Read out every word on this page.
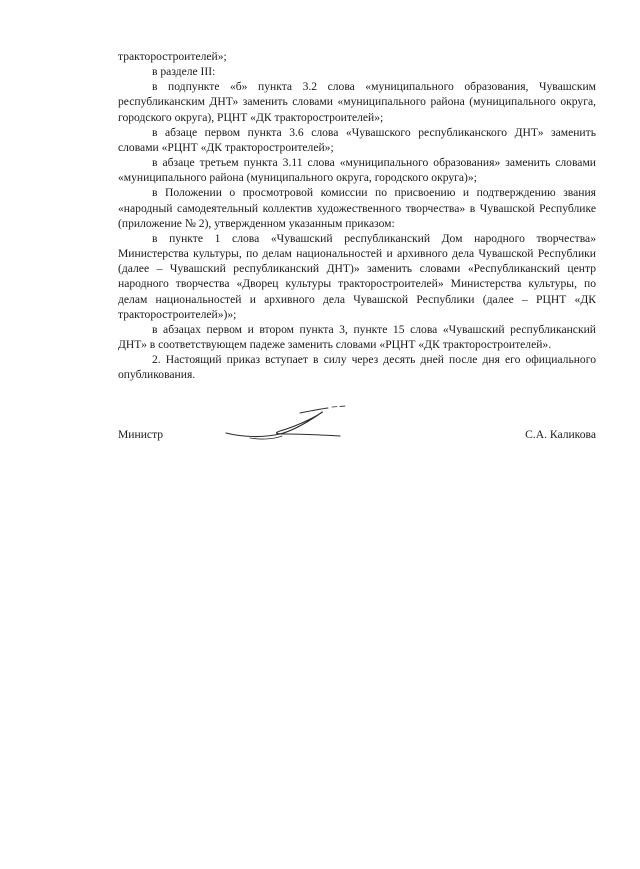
тракторостроителей»;

в разделе III:

в подпункте «б» пункта 3.2 слова «муниципального образования, Чувашским республиканским ДНТ» заменить словами «муниципального района (муниципального округа, городского округа), РЦНТ «ДК тракторостроителей»;

в абзаце первом пункта 3.6 слова «Чувашского республиканского ДНТ» заменить словами «РЦНТ «ДК тракторостроителей»;

в абзаце третьем пункта 3.11 слова «муниципального образования» заменить словами «муниципального района (муниципального округа, городского округа)»;

в Положении о просмотровой комиссии по присвоению и подтверждению звания «народный самодеятельный коллектив художественного творчества» в Чувашской Республике (приложение № 2), утвержденном указанным приказом:

в пункте 1 слова «Чувашский республиканский Дом народного творчества» Министерства культуры, по делам национальностей и архивного дела Чувашской Республики (далее – Чувашский республиканский ДНТ)» заменить словами «Республиканский центр народного творчества «Дворец культуры тракторостроителей» Министерства культуры, по делам национальностей и архивного дела Чувашской Республики (далее – РЦНТ «ДК тракторостроителей»)»;

в абзацах первом и втором пункта 3, пункте 15 слова «Чувашский республиканский ДНТ» в соответствующем падеже заменить словами «РЦНТ «ДК тракторостроителей».

2. Настоящий приказ вступает в силу через десять дней после дня его официального опубликования.

Министр	С.А. Каликова
